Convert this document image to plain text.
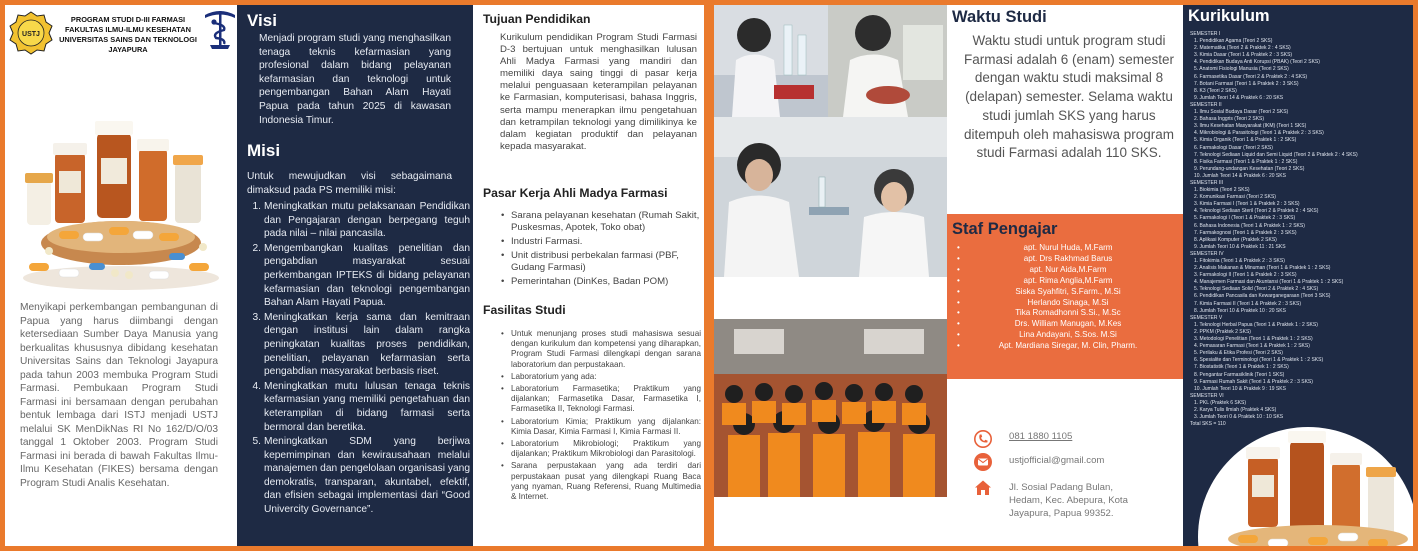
USTJ
PROGRAM STUDI D-III FARMASI
FAKULTAS ILMU-ILMU KESEHATAN
UNIVERSITAS SAINS DAN TEKNOLOGI
JAYAPURA
Menyikapi perkembangan pembangunan di Papua yang harus diimbangi dengan ketersediaan Sumber Daya Manusia yang berkualitas khususnya dibidang kesehatan Universitas Sains dan Teknologi Jayapura pada tahun 2003 membuka Program Studi Farmasi. Pembukaan Program Studi Farmasi ini bersamaan dengan perubahan bentuk lembaga dari ISTJ menjadi USTJ melalui SK MenDikNas RI No 162/D/O/03 tanggal 1 Oktober 2003. Program Studi Farmasi ini berada di bawah Fakultas Ilmu-Ilmu Kesehatan (FIKES) bersama dengan Program Studi Analis Kesehatan.
Visi
Menjadi program studi yang menghasilkan tenaga teknis kefarmasian yang profesional dalam bidang pelayanan kefarmasian dan teknologi untuk pengembangan Bahan Alam Hayati Papua pada tahun 2025 di kawasan Indonesia Timur.
Misi
Untuk mewujudkan visi sebagaimana dimaksud pada PS memiliki misi:
1. Meningkatkan mutu pelaksanaan Pendidikan dan Pengajaran dengan berpegang teguh pada nilai – nilai pancasila.
2. Mengembangkan kualitas penelitian dan pengabdian masyarakat sesuai perkembangan IPTEKS di bidang pelayanan kefarmasian dan teknologi pengembangan Bahan Alam Hayati Papua.
3. Meningkatkan kerja sama dan kemitraan dengan institusi lain dalam rangka peningkatan kualitas proses pendidikan, penelitian, pelayanan kefarmasian serta pengabdian masyarakat berbasis riset.
4. Meningkatkan mutu lulusan tenaga teknis kefarmasian yang memiliki pengetahuan dan keterampilan di bidang farmasi serta bermoral dan beretika.
5. Meningkatkan SDM yang berjiwa kepemimpinan dan kewirausahaan melalui manajemen dan pengelolaan organisasi yang demokratis, transparan, akuntabel, efektif, dan efisien sebagai implementasi dari “Good Univercity Governance”.
Tujuan Pendidikan
Kurikulum pendidikan Program Studi Farmasi D-3 bertujuan untuk menghasilkan lulusan Ahli Madya Farmasi yang mandiri dan memiliki daya saing tinggi di pasar kerja melalui penguasaan keterampilan pelayanan ke Farmasian, komputerisasi, bahasa Inggris, serta mampu menerapkan ilmu pengetahuan dan ketrampilan teknologi yang dimilikinya ke dalam kegiatan produktif dan pelayanan kepada masyarakat.
Pasar Kerja Ahli Madya Farmasi
• Sarana pelayanan kesehatan (Rumah Sakit, Puskesmas, Apotek, Toko obat)
• Industri Farmasi.
• Unit distribusi perbekalan farmasi (PBF, Gudang Farmasi)
• Pemerintahan (DinKes, Badan POM)
Fasilitas Studi
• Untuk menunjang proses studi mahasiswa sesuai dengan kurikulum dan kompetensi yang diharapkan, Program Studi Farmasi dilengkapi dengan sarana laboratorium dan perpustakaan.
• Laboratorium yang ada:
• Laboratorium Farmasetika; Praktikum yang dijalankan; Farmasetika Dasar, Farmasetika I, Farmasetika II, Teknologi Farmasi.
• Laboratorium Kimia; Praktikum yang dijalankan: Kimia Dasar, Kimia Farmasi I, Kimia Farmasi II.
• Laboratorium Mikrobiologi; Praktikum yang dijalankan; Praktikum Mikrobiologi dan Parasitologi.
• Sarana perpustakaan yang ada terdiri dari perpustakaan pusat yang dilengkapi Ruang Baca yang nyaman, Ruang Referensi, Ruang Multimedia & Internet.
Waktu Studi
Waktu studi untuk program studi Farmasi adalah 6 (enam) semester dengan waktu studi maksimal 8 (delapan) semester. Selama waktu studi jumlah SKS yang harus ditempuh oleh mahasiswa program studi Farmasi adalah 110 SKS.
Staf Pengajar
• apt. Nurul Huda, M.Farm
• apt. Drs Rakhmad Barus
• apt. Nur Aida,M.Farm
• apt. Rima Anglia,M.Farm
• Siska Syahfitri, S.Farm., M.Si
• Herlando Sinaga, M.Si
• Tika Romadhonni S.Si., M.Sc
• Drs. William Manugan, M.Kes
• Lina Andayani, S.Sos. M.Si
• Apt. Mardiana Siregar, M. Clin, Pharm.
081 1880 1105
ustjofficial@gmail.com
Jl. Sosial Padang Bulan,
Hedam, Kec. Abepura, Kota
Jayapura, Papua 99352.
Kurikulum
SEMESTER I
1. Pendidikan Agama (Teori 2 SKS)
2. Matematika (Teori 2 & Praktek 2 : 4 SKS)
3. Kimia Dasar (Teori 1 & Praktek 2 : 3 SKS)
4. Pendidikan Budaya Anti Korupsi (PBAK) (Teori 2 SKS)
5. Anatomi Fisiologi Manusia (Teori 2 SKS)
6. Farmasetika Dasar (Teori 2 & Praktek 2 : 4 SKS)
7. Botani Farmasi (Teori 1 & Praktek 2 : 3 SKS)
8. K3 (Teori 2 SKS)
9. Jumlah Teori 14 & Praktek 6 : 20 SKS
SEMESTER II
1. Ilmu Sosial Budaya Dasar (Teori 2 SKS)
2. Bahasa Inggris (Teori 2 SKS)
3. Ilmu Kesehatan Masyarakat (IKM) (Teori 1 SKS)
4. Mikrobiologi & Parasitologi (Teori 1 & Praktek 2 : 3 SKS)
5. Kimia Organik (Teori 1 & Praktek 1 : 2 SKS)
6. Farmakologi Dasar (Teori 2 SKS)
7. Teknologi Sediaan Liquid dan Semi Liquid (Teori 2 & Praktek 2 : 4 SKS)
8. Fisika Farmasi (Teori 1 & Praktek 1 : 2 SKS)
9. Perundang-undangan Kesehatan (Teori 2 SKS)
10. Jumlah Teori 14 & Praktek 6 : 20 SKS
SEMESTER III
1. Biokimia (Teori 2 SKS)
2. Komunikasi Farmasi (Teori 2 SKS)
3. Kimia Farmasi I (Teori 1 & Praktek 2 : 3 SKS)
4. Teknologi Sediaan Steril (Teori 2 & Praktek 2 : 4 SKS)
5. Farmakologi I (Teori 1 & Praktek 2 : 3 SKS)
6. Bahasa Indonesia (Teori 1 & Praktek 1 : 2 SKS)
7. Farmakognosi (Teori 1 & Praktek 2 : 3 SKS)
8. Aplikasi Komputer (Praktek 2 SKS)
9. Jumlah Teori 10 & Praktek 11 : 21 SKS
SEMESTER IV
1. Fitokimia (Teori 1 & Praktek 2 : 3 SKS)
2. Analisis Makanan & Minuman (Teori 1 & Praktek 1 : 2 SKS)
3. Farmakologi II (Teori 1 & Praktek 2 : 3 SKS)
4. Manajemen Farmasi dan Akuntansi (Teori 1 & Praktek 1 : 2 SKS)
5. Teknologi Sediaan Solid (Teori 2 & Praktek 2 : 4 SKS)
6. Pendidikan Pancasila dan Kewarganegaraan (Teori 3 SKS)
7. Kimia Farmasi II (Teori 1 & Praktek 2 : 3 SKS)
8. Jumlah Teori 10 & Praktek 10 : 20 SKS
SEMESTER V
1. Teknologi Herbal Papua (Teori 1 & Praktek 1 : 2 SKS)
2. PPKM (Praktek 2 SKS)
3. Metodologi Penelitian (Teori 1 & Praktek 1 : 2 SKS)
4. Pemasaran Farmasi (Teori 1 & Praktek 1 : 2 SKS)
5. Perilaku & Etika Profesi (Teori 2 SKS)
6. Spesialite dan Terminologi (Teori 1 & Praktek 1 : 2 SKS)
7. Biostatistik (Teori 1 & Praktek 1 : 2 SKS)
8. Pengantar Farmasiklinik (Teori 1 SKS)
9. Farmasi Rumah Sakit (Teori 1 & Praktek 2 : 3 SKS)
10. Jumlah Teori 10 & Praktek 9 : 19 SKS
SEMESTER VI
1. PKL (Praktek 6 SKS)
2. Karya Tulis Ilmiah (Praktek 4 SKS)
3. Jumlah Teori 0 & Praktek 10 : 10 SKS
Total SKS = 110
